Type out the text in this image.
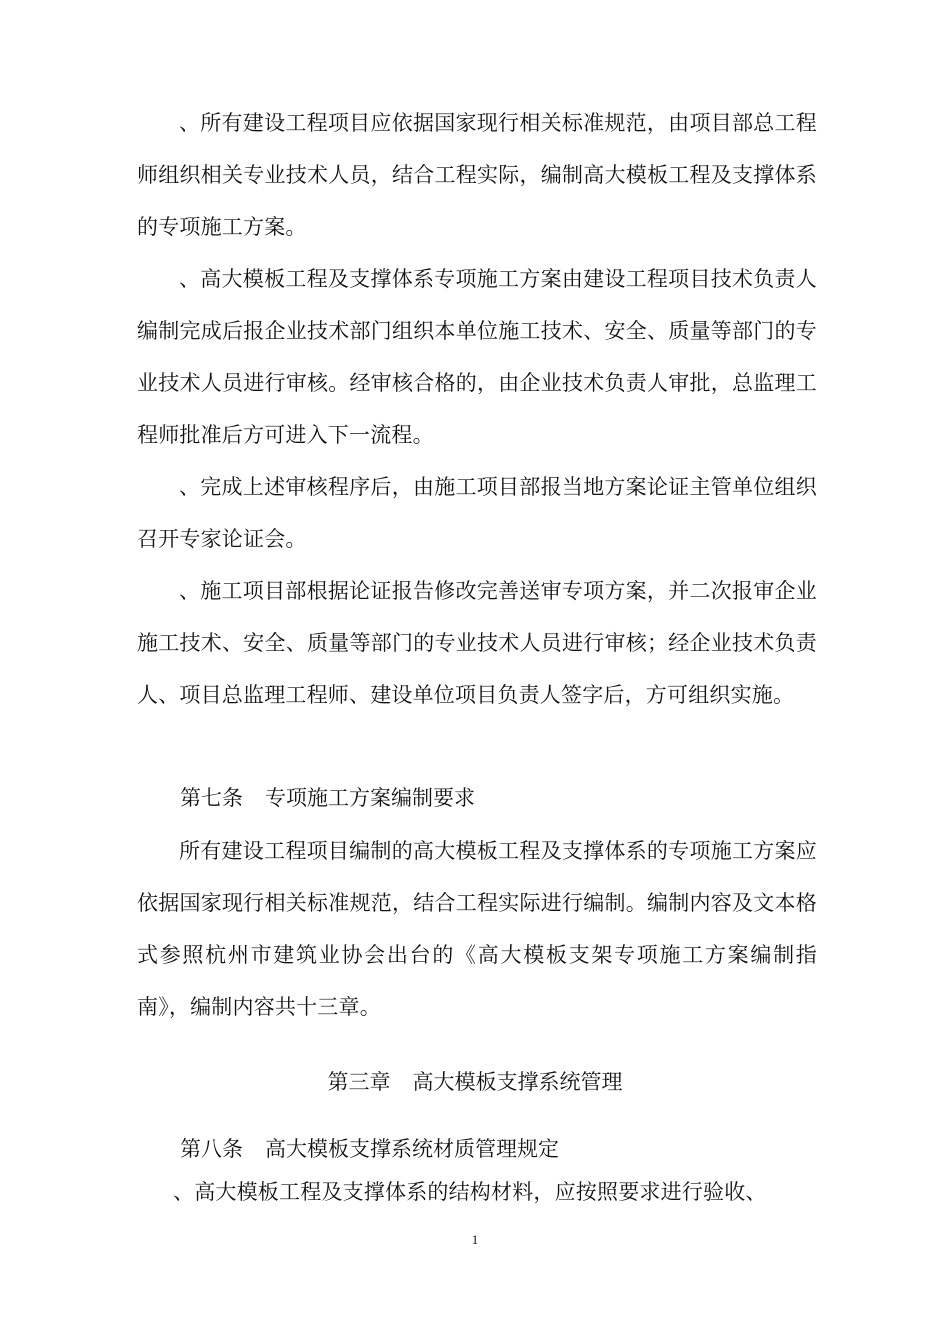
、所有建设工程项目应依据国家现行相关标准规范，由项目部总工程师组织相关专业技术人员，结合工程实际，编制高大模板工程及支撑体系的专项施工方案。

、高大模板工程及支撑体系专项施工方案由建设工程项目技术负责人编制完成后报企业技术部门组织本单位施工技术、安全、质量等部门的专业技术人员进行审核。经审核合格的，由企业技术负责人审批，总监理工程师批准后方可进入下一流程。

、完成上述审核程序后，由施工项目部报当地方案论证主管单位组织召开专家论证会。

、施工项目部根据论证报告修改完善送审专项方案，并二次报审企业施工技术、安全、质量等部门的专业技术人员进行审核；经企业技术负责人、项目总监理工程师、建设单位项目负责人签字后，方可组织实施。

第七条 专项施工方案编制要求

所有建设工程项目编制的高大模板工程及支撑体系的专项施工方案应依据国家现行相关标准规范，结合工程实际进行编制。编制内容及文本格式参照杭州市建筑业协会出台的《高大模板支架专项施工方案编制指南》，编制内容共十三章。

第三章 高大模板支撑系统管理

第八条 高大模板支撑系统材质管理规定

、高大模板工程及支撑体系的结构材料，应按照要求进行验收、

1
